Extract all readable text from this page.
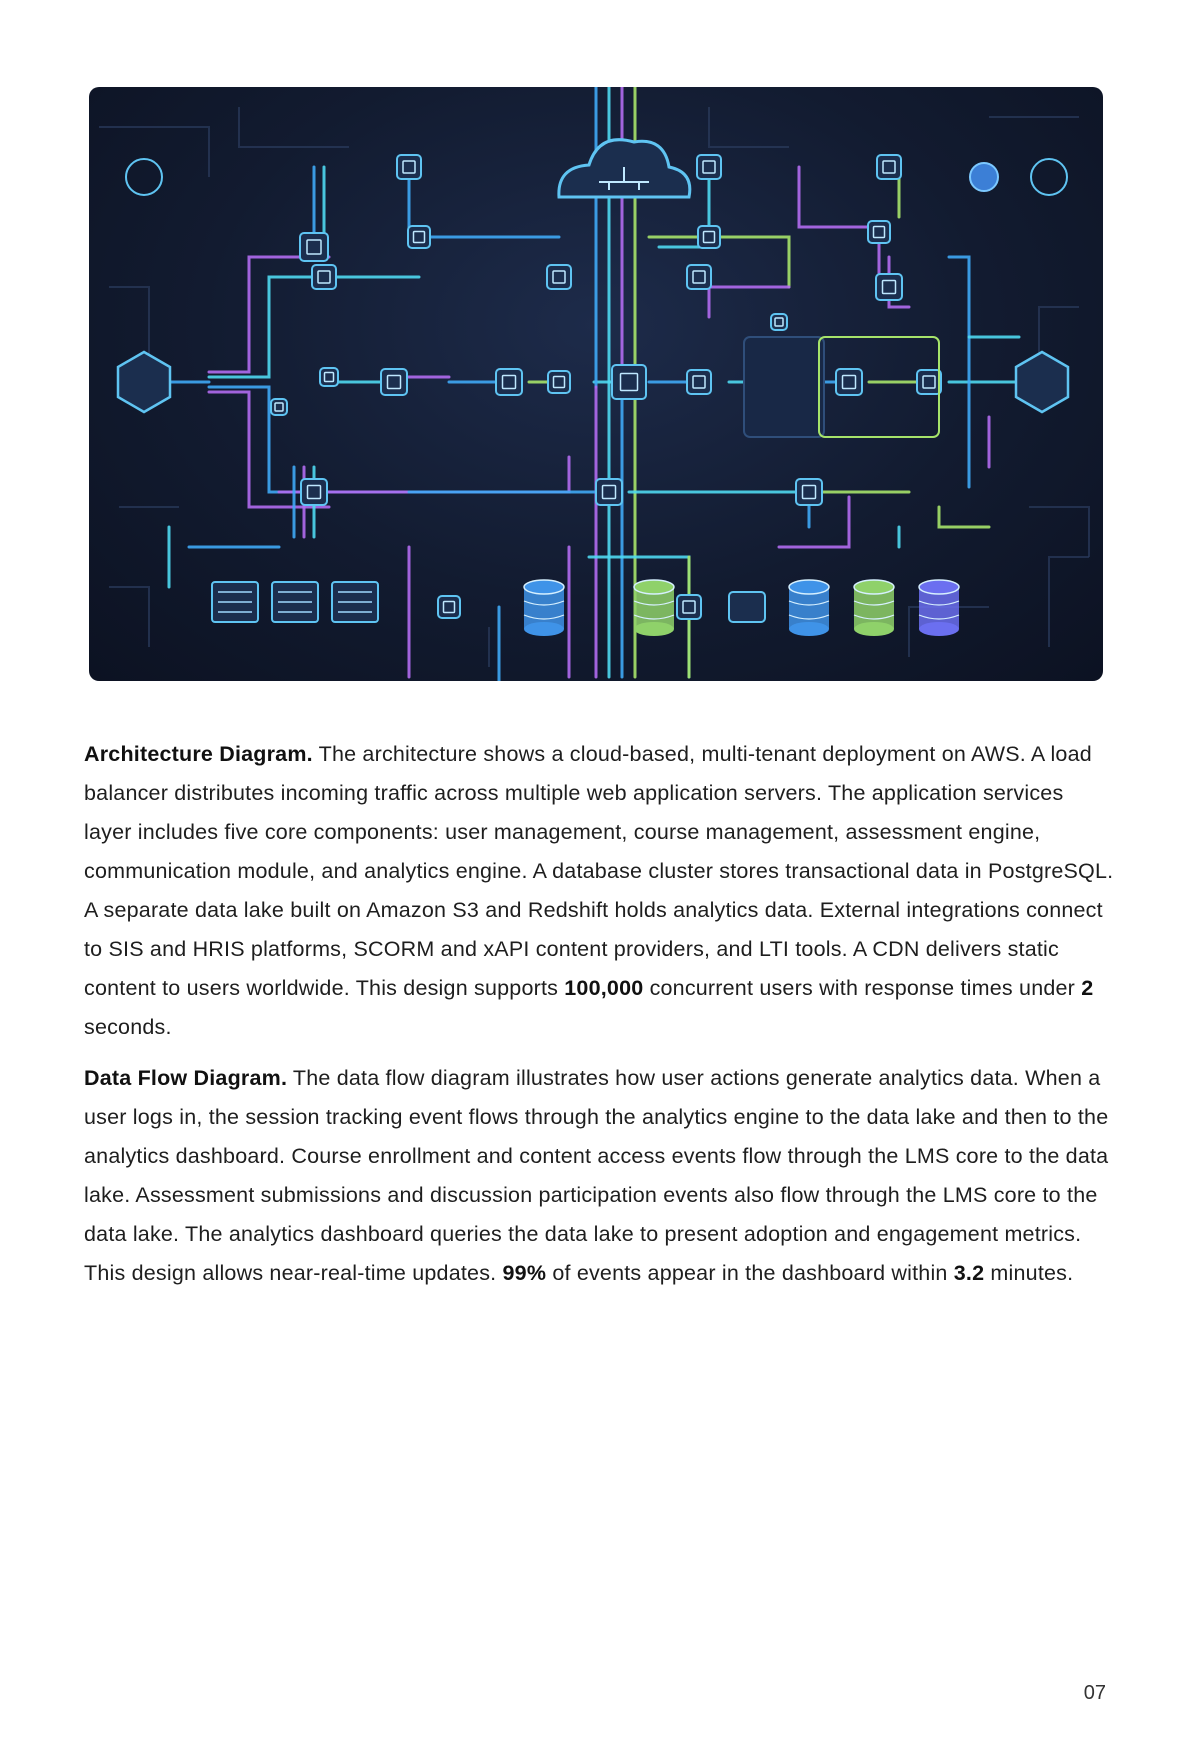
Architecture Diagram. The architecture shows a cloud-based, multi-tenant deployment on AWS. A load balancer distributes incoming traffic across multiple web application servers. The application services layer includes five core components: user management, course management, assessment engine, communication module, and analytics engine. A database cluster stores transactional data in PostgreSQL. A separate data lake built on Amazon S3 and Redshift holds analytics data. External integrations connect to SIS and HRIS platforms, SCORM and xAPI content providers, and LTI tools. A CDN delivers static content to users worldwide. This design supports 100,000 concurrent users with response times under 2 seconds.

Data Flow Diagram. The data flow diagram illustrates how user actions generate analytics data. When a user logs in, the session tracking event flows through the analytics engine to the data lake and then to the analytics dashboard. Course enrollment and content access events flow through the LMS core to the data lake. Assessment submissions and discussion participation events also flow through the LMS core to the data lake. The analytics dashboard queries the data lake to present adoption and engagement metrics. This design allows near-real-time updates. 99% of events appear in the dashboard within 3.2 minutes.

07
